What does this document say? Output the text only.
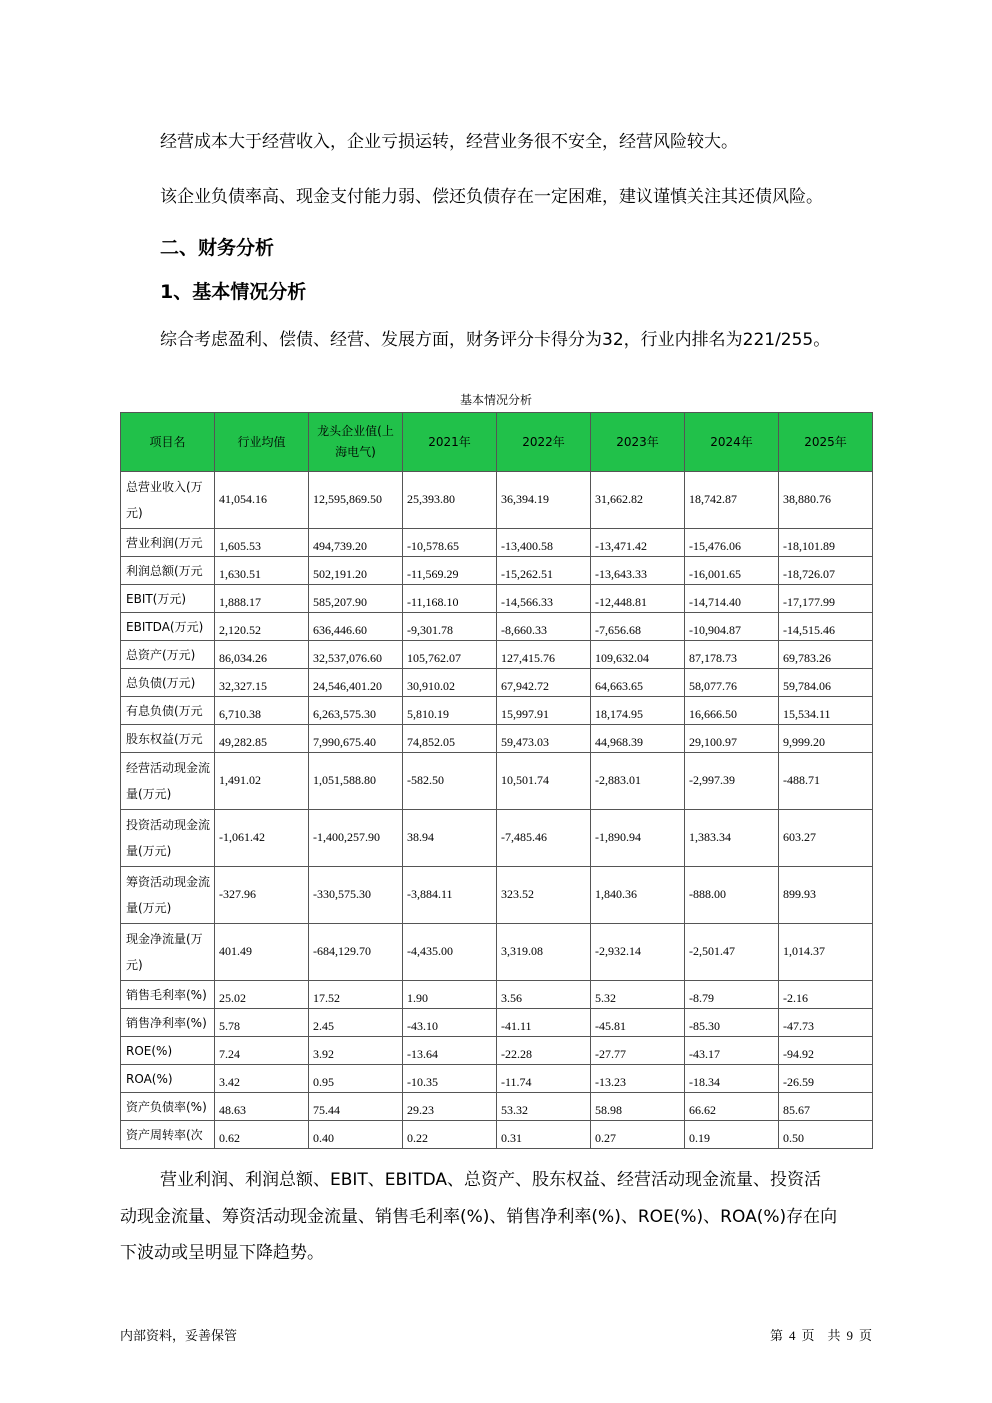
经营成本大于经营收入，企业亏损运转，经营业务很不安全，经营风险较大。
该企业负债率高、现金支付能力弱、偿还负债存在一定困难，建议谨慎关注其还债风险。
二、财务分析
1、基本情况分析
综合考虑盈利、偿债、经营、发展方面，财务评分卡得分为32，行业内排名为221/255。
基本情况分析
项目名	行业均值	龙头企业值(上海电气)	2021年	2022年	2023年	2024年	2025年
总营业收入(万元)	41,054.16	12,595,869.50	25,393.80	36,394.19	31,662.82	18,742.87	38,880.76
营业利润(万元	1,605.53	494,739.20	-10,578.65	-13,400.58	-13,471.42	-15,476.06	-18,101.89
利润总额(万元	1,630.51	502,191.20	-11,569.29	-15,262.51	-13,643.33	-16,001.65	-18,726.07
EBIT(万元)	1,888.17	585,207.90	-11,168.10	-14,566.33	-12,448.81	-14,714.40	-17,177.99
EBITDA(万元)	2,120.52	636,446.60	-9,301.78	-8,660.33	-7,656.68	-10,904.87	-14,515.46
总资产(万元)	86,034.26	32,537,076.60	105,762.07	127,415.76	109,632.04	87,178.73	69,783.26
总负债(万元)	32,327.15	24,546,401.20	30,910.02	67,942.72	64,663.65	58,077.76	59,784.06
有息负债(万元	6,710.38	6,263,575.30	5,810.19	15,997.91	18,174.95	16,666.50	15,534.11
股东权益(万元	49,282.85	7,990,675.40	74,852.05	59,473.03	44,968.39	29,100.97	9,999.20
经营活动现金流量(万元)	1,491.02	1,051,588.80	-582.50	10,501.74	-2,883.01	-2,997.39	-488.71
投资活动现金流量(万元)	-1,061.42	-1,400,257.90	38.94	-7,485.46	-1,890.94	1,383.34	603.27
筹资活动现金流量(万元)	-327.96	-330,575.30	-3,884.11	323.52	1,840.36	-888.00	899.93
现金净流量(万元)	401.49	-684,129.70	-4,435.00	3,319.08	-2,932.14	-2,501.47	1,014.37
销售毛利率(%)	25.02	17.52	1.90	3.56	5.32	-8.79	-2.16
销售净利率(%)	5.78	2.45	-43.10	-41.11	-45.81	-85.30	-47.73
ROE(%)	7.24	3.92	-13.64	-22.28	-27.77	-43.17	-94.92
ROA(%)	3.42	0.95	-10.35	-11.74	-13.23	-18.34	-26.59
资产负债率(%)	48.63	75.44	29.23	53.32	58.98	66.62	85.67
资产周转率(次	0.62	0.40	0.22	0.31	0.27	0.19	0.50
营业利润、利润总额、EBIT、EBITDA、总资产、股东权益、经营活动现金流量、投资活
动现金流量、筹资活动现金流量、销售毛利率(%)、销售净利率(%)、ROE(%)、ROA(%)存在向
下波动或呈明显下降趋势。
内部资料，妥善保管	第 4 页　共 9 页
